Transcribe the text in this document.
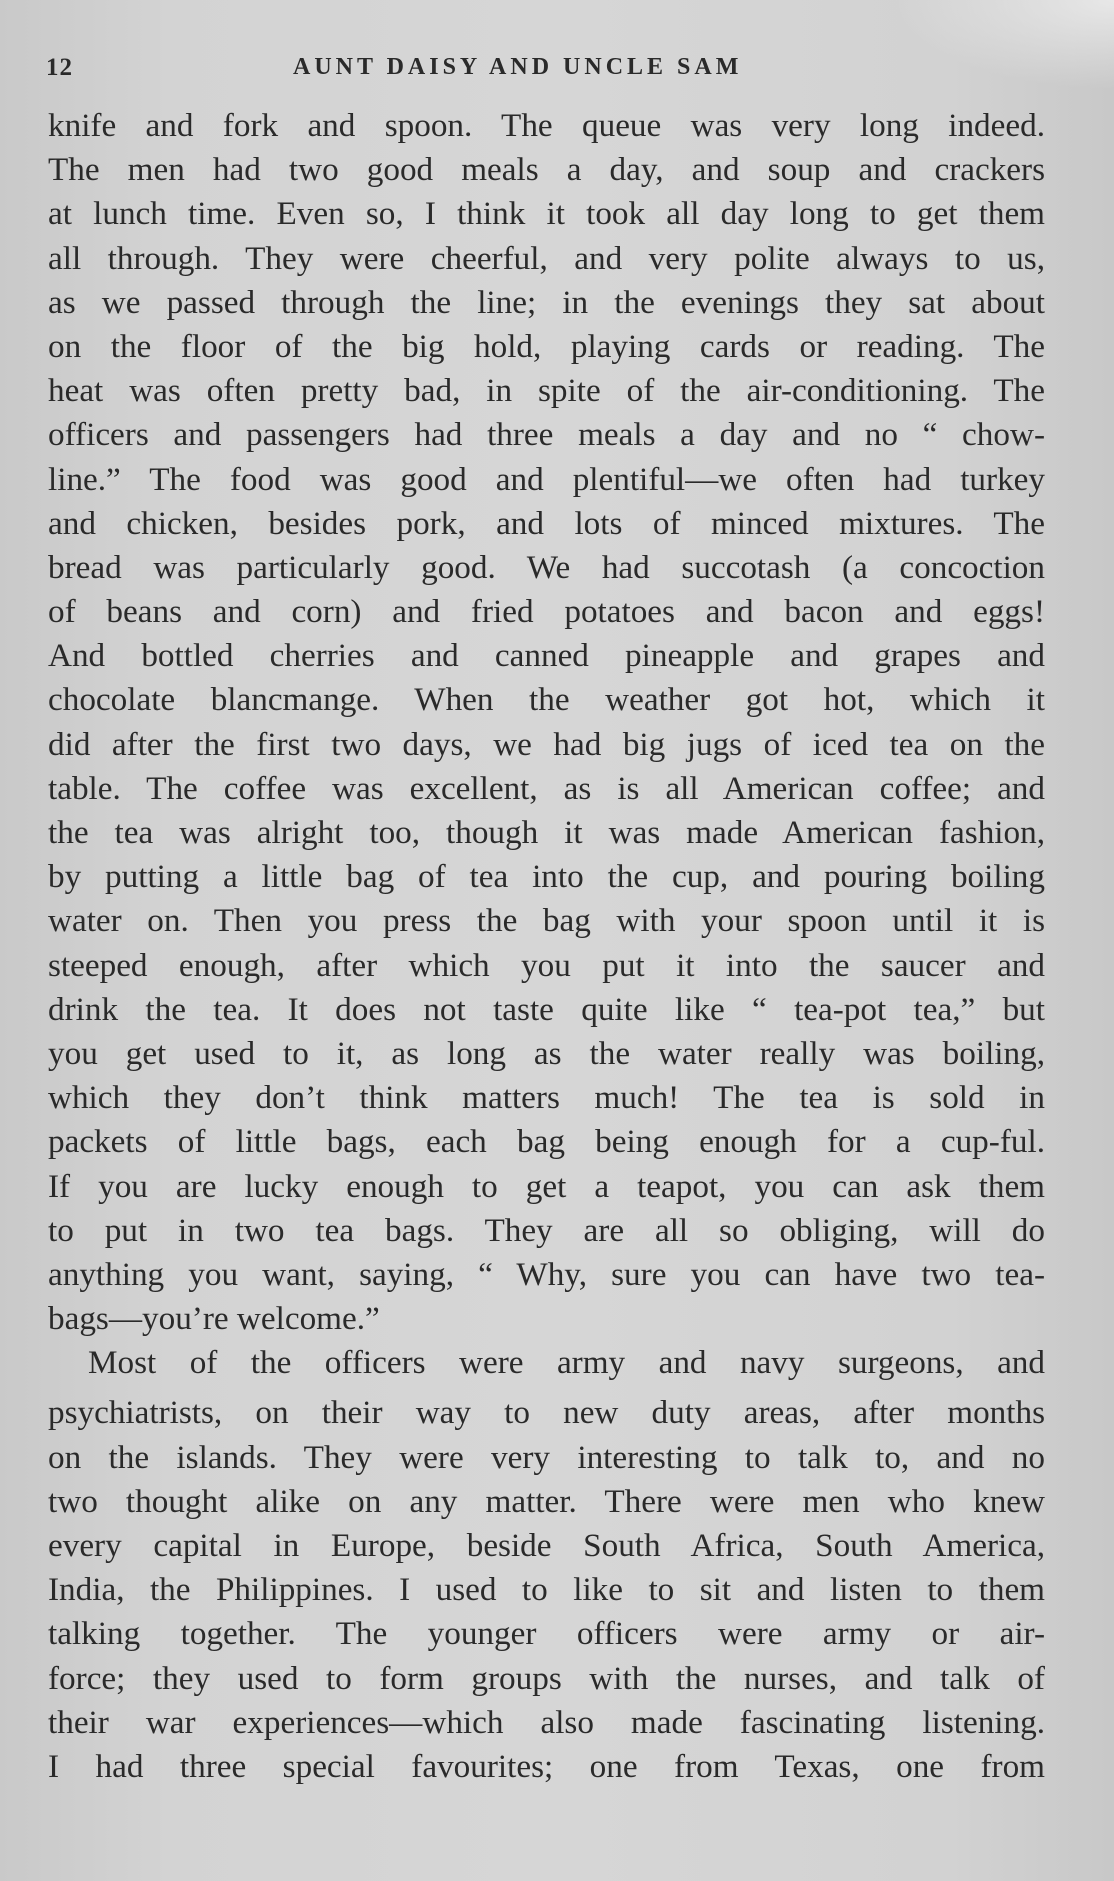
12	AUNT DAISY AND UNCLE SAM
knife and fork and spoon. The queue was very long indeed.
The men had two good meals a day, and soup and crackers
at lunch time. Even so, I think it took all day long to get them
all through. They were cheerful, and very polite always to us,
as we passed through the line; in the evenings they sat about
on the floor of the big hold, playing cards or reading. The
heat was often pretty bad, in spite of the air-conditioning. The
officers and passengers had three meals a day and no “ chow-
line.” The food was good and plentiful—we often had turkey
and chicken, besides pork, and lots of minced mixtures. The
bread was particularly good. We had succotash (a concoction
of beans and corn) and fried potatoes and bacon and eggs!
And bottled cherries and canned pineapple and grapes and
chocolate blancmange. When the weather got hot, which it
did after the first two days, we had big jugs of iced tea on the
table. The coffee was excellent, as is all American coffee; and
the tea was alright too, though it was made American fashion,
by putting a little bag of tea into the cup, and pouring boiling
water on. Then you press the bag with your spoon until it is
steeped enough, after which you put it into the saucer and
drink the tea. It does not taste quite like “ tea-pot tea,” but
you get used to it, as long as the water really was boiling,
which they don’t think matters much! The tea is sold in
packets of little bags, each bag being enough for a cup-ful.
If you are lucky enough to get a teapot, you can ask them
to put in two tea bags. They are all so obliging, will do
anything you want, saying, “ Why, sure you can have two tea-
bags—you’re welcome.”
Most of the officers were army and navy surgeons, and
psychiatrists, on their way to new duty areas, after months
on the islands. They were very interesting to talk to, and no
two thought alike on any matter. There were men who knew
every capital in Europe, beside South Africa, South America,
India, the Philippines. I used to like to sit and listen to them
talking together. The younger officers were army or air-
force; they used to form groups with the nurses, and talk of
their war experiences—which also made fascinating listening.
I had three special favourites; one from Texas, one from
